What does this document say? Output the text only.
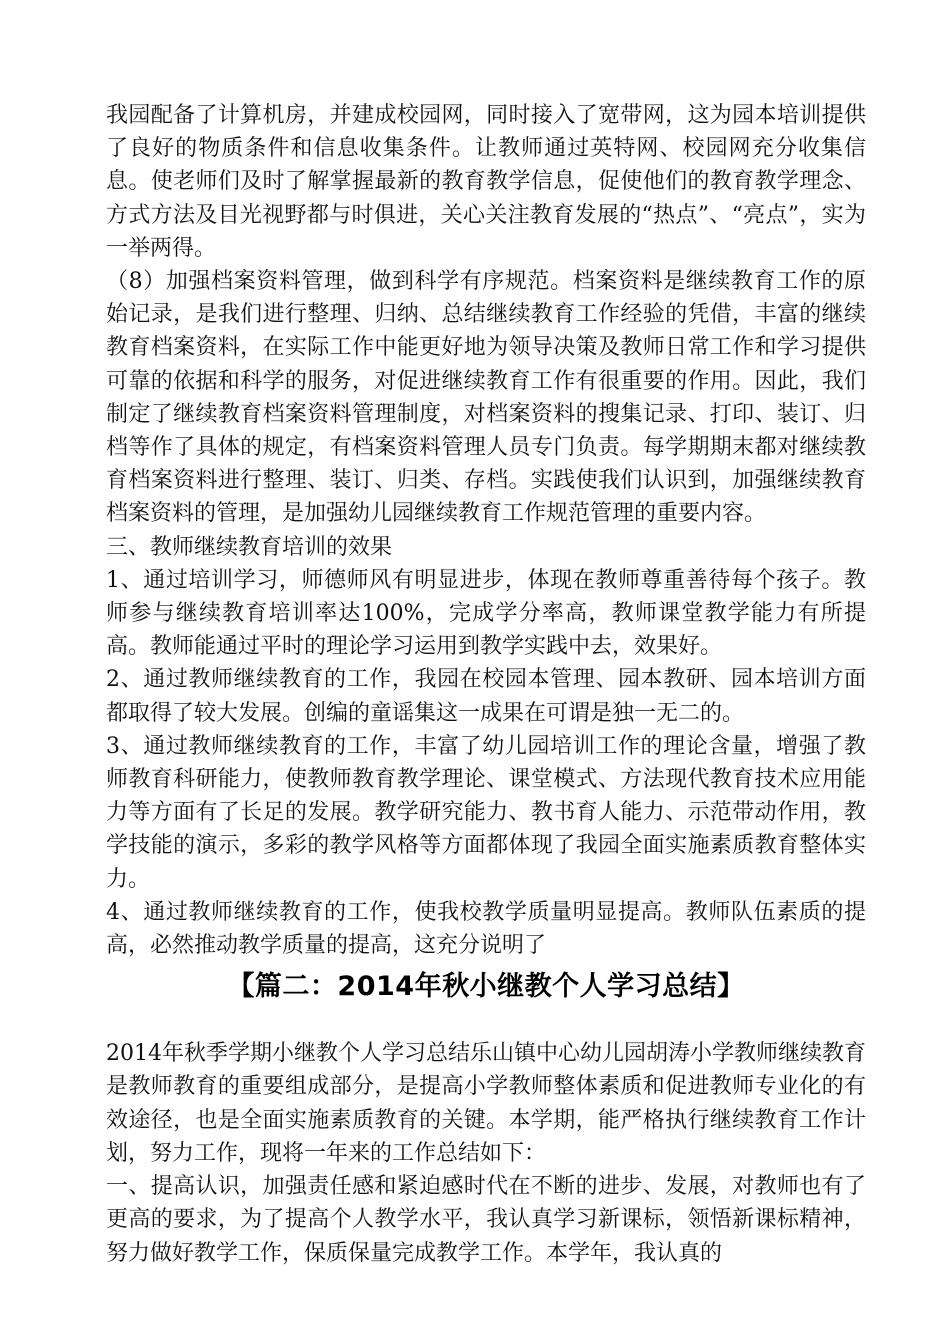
我园配备了计算机房，并建成校园网，同时接入了宽带网，这为园本培训提供了良好的物质条件和信息收集条件。让教师通过英特网、校园网充分收集信息。使老师们及时了解掌握最新的教育教学信息，促使他们的教育教学理念、方式方法及目光视野都与时俱进，关心关注教育发展的“热点”、“亮点”，实为一举两得。

（8）加强档案资料管理，做到科学有序规范。档案资料是继续教育工作的原始记录，是我们进行整理、归纳、总结继续教育工作经验的凭借，丰富的继续教育档案资料，在实际工作中能更好地为领导决策及教师日常工作和学习提供可靠的依据和科学的服务，对促进继续教育工作有很重要的作用。因此，我们制定了继续教育档案资料管理制度，对档案资料的搜集记录、打印、装订、归档等作了具体的规定，有档案资料管理人员专门负责。每学期期末都对继续教育档案资料进行整理、装订、归类、存档。实践使我们认识到，加强继续教育档案资料的管理，是加强幼儿园继续教育工作规范管理的重要内容。

三、教师继续教育培训的效果

1、通过培训学习，师德师风有明显进步，体现在教师尊重善待每个孩子。教师参与继续教育培训率达100%，完成学分率高，教师课堂教学能力有所提高。教师能通过平时的理论学习运用到教学实践中去，效果好。

2、通过教师继续教育的工作，我园在校园本管理、园本教研、园本培训方面都取得了较大发展。创编的童谣集这一成果在可谓是独一无二的。

3、通过教师继续教育的工作，丰富了幼儿园培训工作的理论含量，增强了教师教育科研能力，使教师教育教学理论、课堂模式、方法现代教育技术应用能力等方面有了长足的发展。教学研究能力、教书育人能力、示范带动作用，教学技能的演示，多彩的教学风格等方面都体现了我园全面实施素质教育整体实力。

4、通过教师继续教育的工作，使我校教学质量明显提高。教师队伍素质的提高，必然推动教学质量的提高，这充分说明了

【篇二：2014年秋小继教个人学习总结】

2014年秋季学期小继教个人学习总结乐山镇中心幼儿园胡涛小学教师继续教育是教师教育的重要组成部分，是提高小学教师整体素质和促进教师专业化的有效途径，也是全面实施素质教育的关键。本学期，能严格执行继续教育工作计划，努力工作，现将一年来的工作总结如下：

一、提高认识，加强责任感和紧迫感时代在不断的进步、发展，对教师也有了更高的要求，为了提高个人教学水平，我认真学习新课标，领悟新课标精神，努力做好教学工作，保质保量完成教学工作。本学年，我认真的
